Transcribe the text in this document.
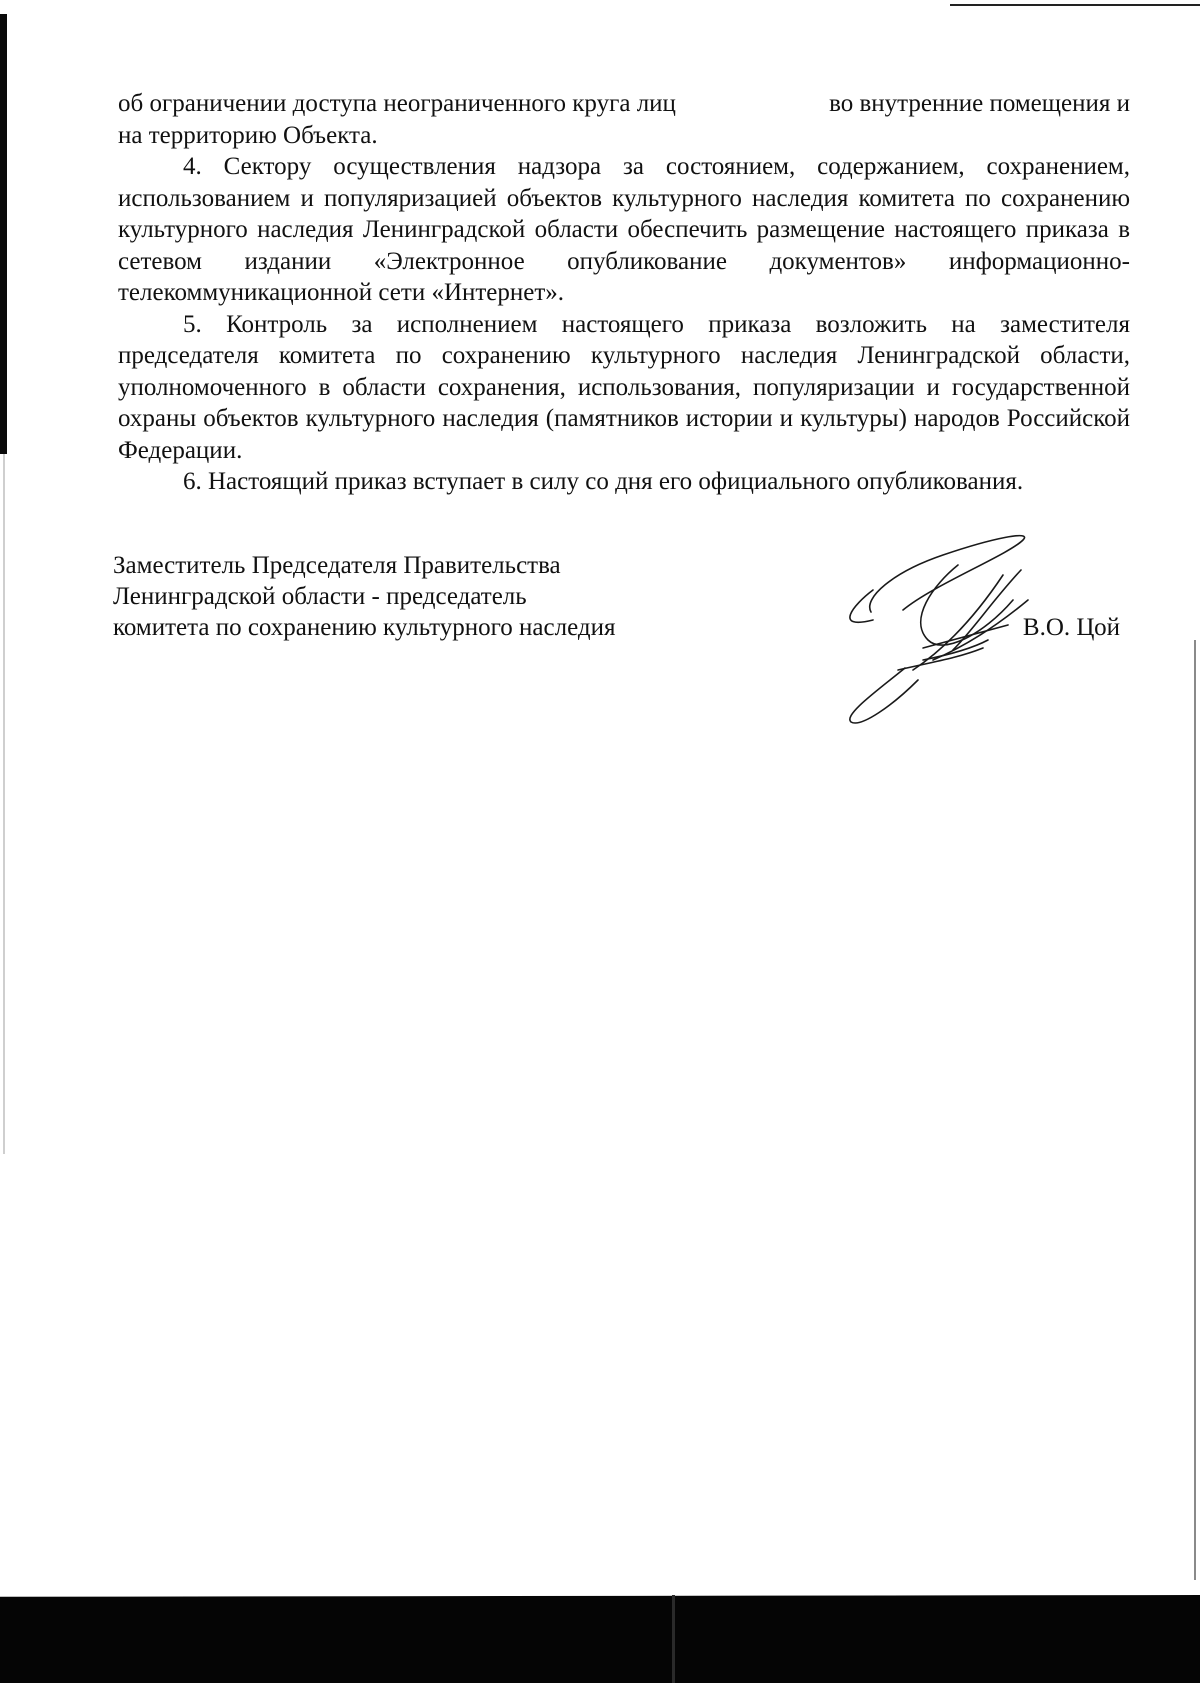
об ограничении доступа неограниченного круга лиц	во внутренние помещения и

на территорию Объекта.

4. Сектору осуществления надзора за состоянием, содержанием, сохранением, использованием и популяризацией объектов культурного наследия комитета по сохранению культурного наследия Ленинградской области обеспечить размещение настоящего приказа в сетевом издании «Электронное опубликование документов» информационно-телекоммуникационной сети «Интернет».

5. Контроль за исполнением настоящего приказа возложить на заместителя председателя комитета по сохранению культурного наследия Ленинградской области, уполномоченного в области сохранения, использования, популяризации и государственной охраны объектов культурного наследия (памятников истории и культуры) народов Российской Федерации.

6. Настоящий приказ вступает в силу со дня его официального опубликования.

Заместитель Председателя Правительства
Ленинградской области - председатель
комитета по сохранению культурного наследия	В.О. Цой
